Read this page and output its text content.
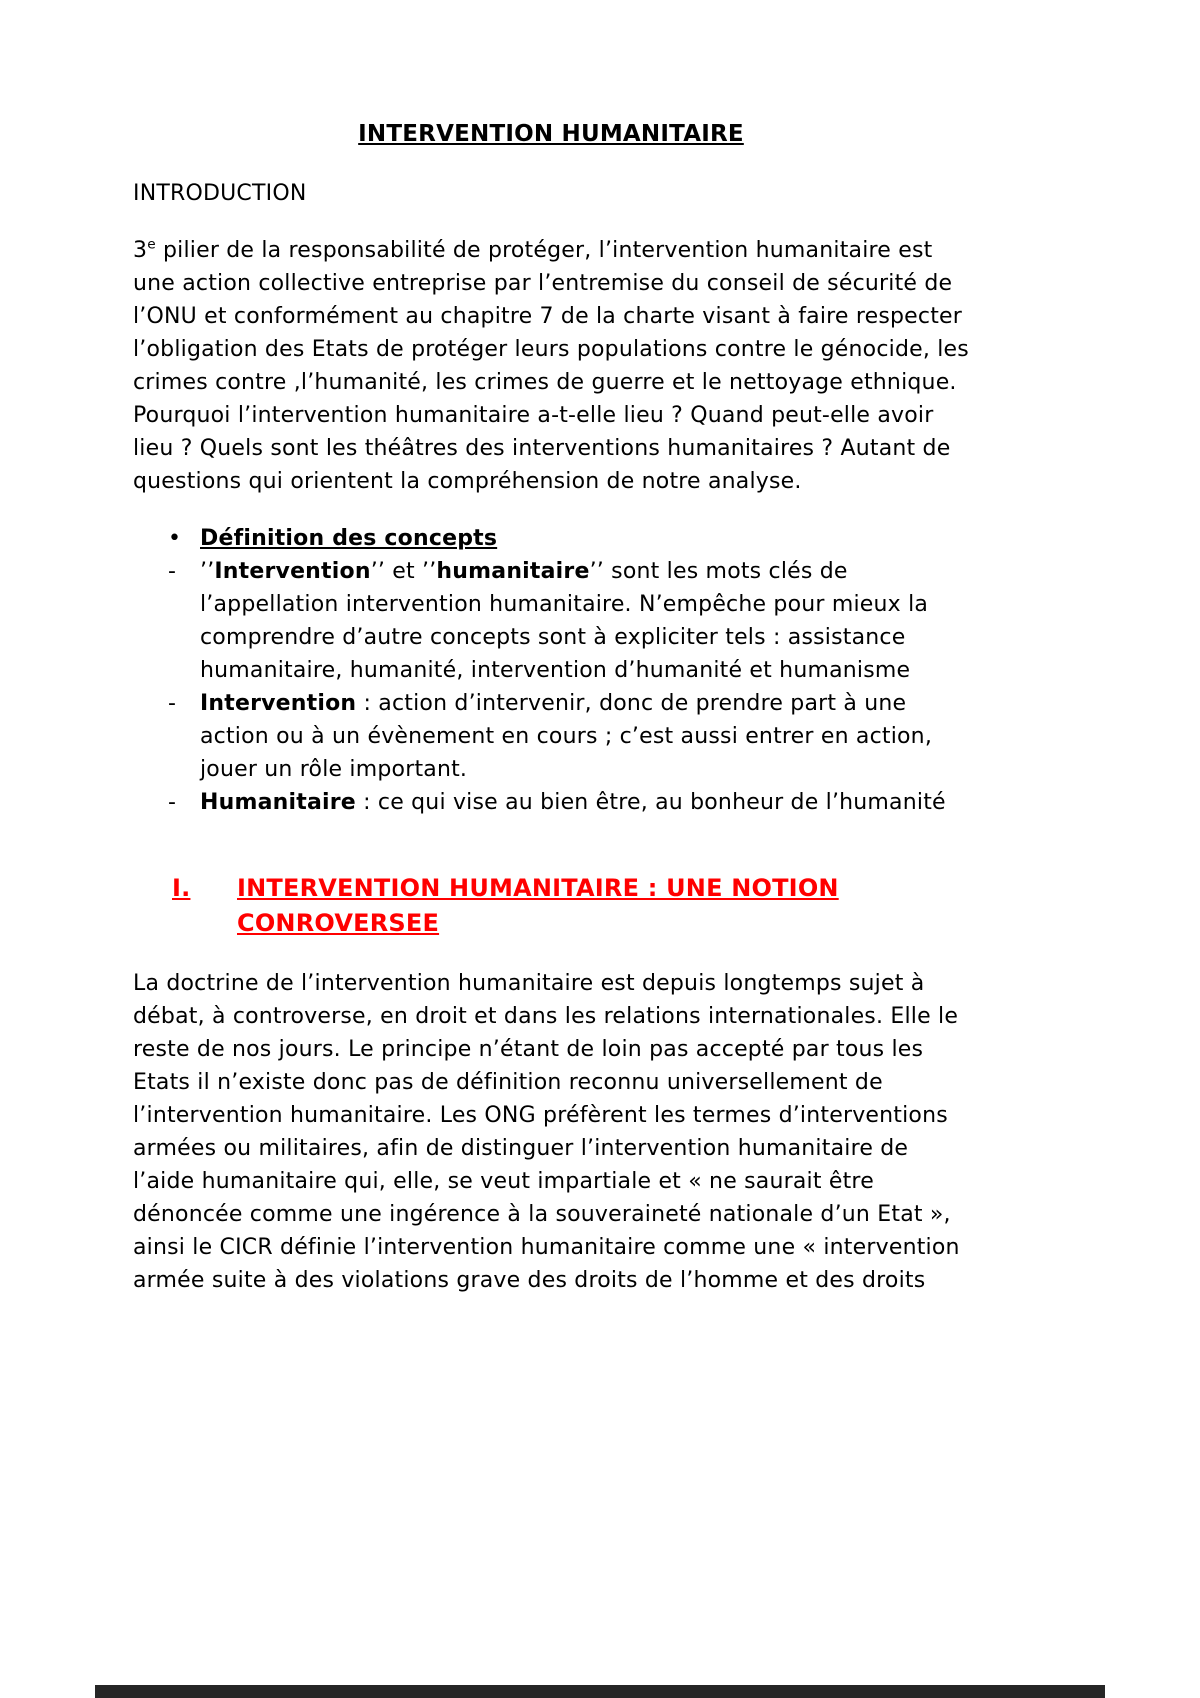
INTERVENTION HUMANITAIRE

INTRODUCTION

3e pilier de la responsabilité de protéger, l’intervention humanitaire est une action collective entreprise par l’entremise du conseil de sécurité de l’ONU et conformément au chapitre 7 de la charte visant à faire respecter l’obligation des Etats de protéger leurs populations contre le génocide, les crimes contre ,l’humanité, les crimes de guerre et le nettoyage ethnique. Pourquoi l’intervention humanitaire a-t-elle lieu ? Quand peut-elle avoir lieu ? Quels sont les théâtres des interventions humanitaires ? Autant de questions qui orientent la compréhension de notre analyse.

• Définition des concepts
- ’’Intervention’’ et ’’humanitaire’’ sont les mots clés de l’appellation intervention humanitaire. N’empêche pour mieux la comprendre d’autre concepts sont à expliciter tels : assistance humanitaire, humanité, intervention d’humanité et humanisme
- Intervention : action d’intervenir, donc de prendre part à une action ou à un évènement en cours ; c’est aussi entrer en action, jouer un rôle important.
- Humanitaire : ce qui vise au bien être, au bonheur de l’humanité
I. INTERVENTION HUMANITAIRE : UNE NOTION CONROVERSEE

La doctrine de l’intervention humanitaire est depuis longtemps sujet à débat, à controverse, en droit et dans les relations internationales. Elle le reste de nos jours. Le principe n’étant de loin pas accepté par tous les Etats il n’existe donc pas de définition reconnu universellement de l’intervention humanitaire. Les ONG préfèrent les termes d’interventions armées ou militaires, afin de distinguer l’intervention humanitaire de l’aide humanitaire qui, elle, se veut impartiale et « ne saurait être dénoncée comme une ingérence à la souveraineté nationale d’un Etat », ainsi le CICR définie l’intervention humanitaire comme une « intervention armée suite à des violations grave des droits de l’homme et des droits
